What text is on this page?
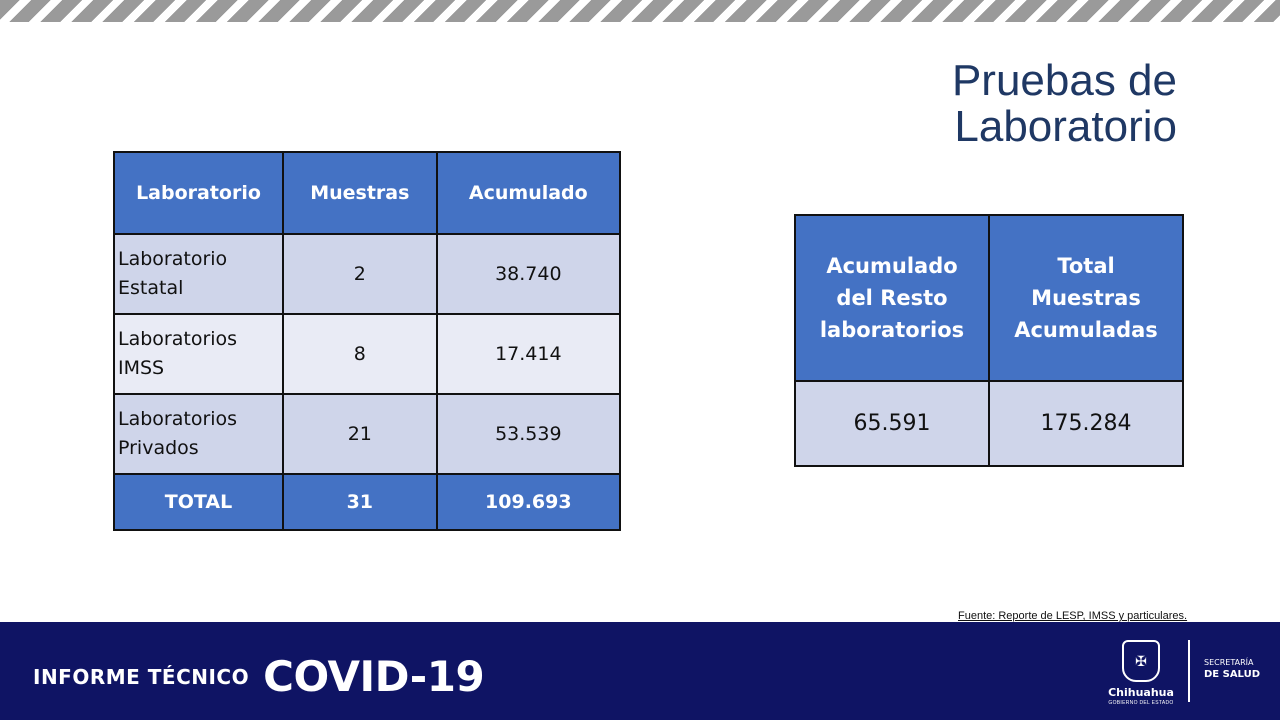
Pruebas de
Laboratorio
Laboratorio	Muestras	Acumulado
Laboratorio
Estatal	2	38.740
Laboratorios
IMSS	8	17.414
Laboratorios
Privados	21	53.539
TOTAL	31	109.693
Acumulado del Resto laboratorios	Total Muestras Acumuladas
65.591	175.284
Fuente: Reporte de LESP, IMSS y particulares.
INFORME TÉCNICO COVID-19	✠
Chihuahua
GOBIERNO DEL ESTADO
SECRETARÍA
DE SALUD
